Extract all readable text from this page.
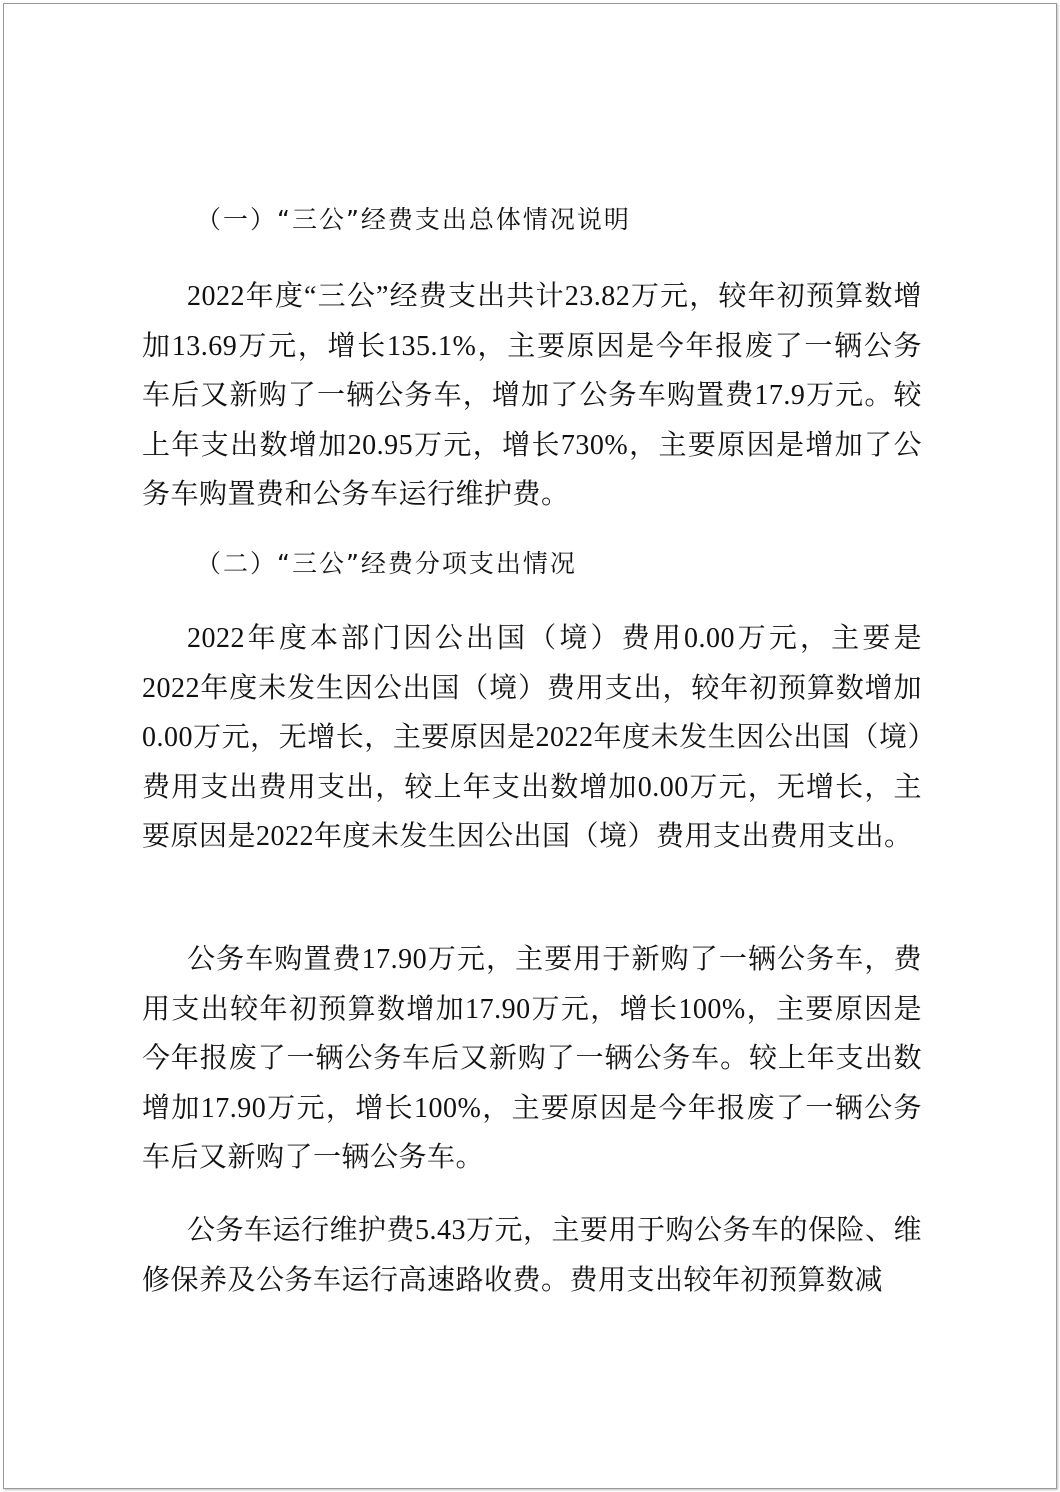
（一）“三公”经费支出总体情况说明

2022年度“三公”经费支出共计23.82万元，较年初预算数增加13.69万元，增长135.1%，主要原因是今年报废了一辆公务车后又新购了一辆公务车，增加了公务车购置费17.9万元。较上年支出数增加20.95万元，增长730%，主要原因是增加了公务车购置费和公务车运行维护费。

（二）“三公”经费分项支出情况

2022年度本部门因公出国（境）费用0.00万元，主要是2022年度未发生因公出国（境）费用支出，较年初预算数增加0.00万元，无增长，主要原因是2022年度未发生因公出国（境）费用支出费用支出，较上年支出数增加0.00万元，无增长，主要原因是2022年度未发生因公出国（境）费用支出费用支出。

公务车购置费17.90万元，主要用于新购了一辆公务车，费用支出较年初预算数增加17.90万元，增长100%，主要原因是今年报废了一辆公务车后又新购了一辆公务车。较上年支出数增加17.90万元，增长100%，主要原因是今年报废了一辆公务车后又新购了一辆公务车。

公务车运行维护费5.43万元，主要用于购公务车的保险、维修保养及公务车运行高速路收费。费用支出较年初预算数减
